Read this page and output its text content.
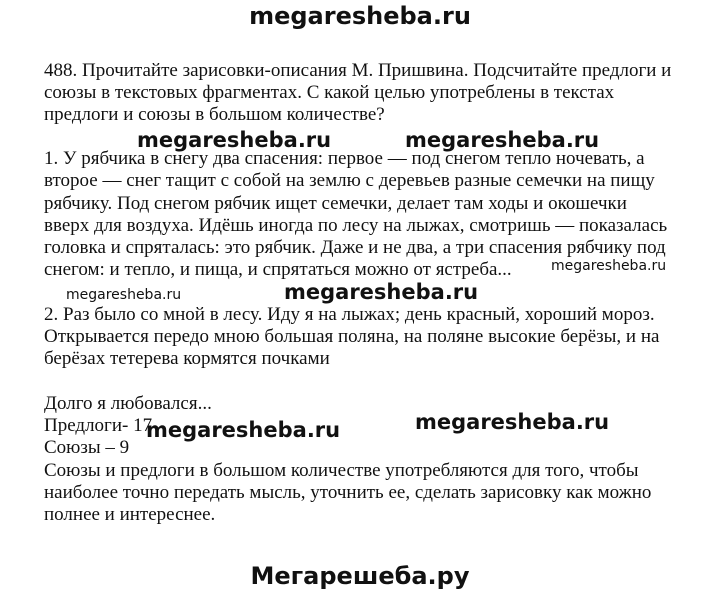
megaresheba.ru
488. Прочитайте зарисовки-описания М. Пришвина. Подсчитайте предлоги и
союзы в текстовых фрагментах. С какой целью употреблены в текстах
предлоги и союзы в большом количестве?
1. У рябчика в снегу два спасения: первое — под снегом тепло ночевать, а
второе — снег тащит с собой на землю с деревьев разные семечки на пищу
рябчику. Под снегом рябчик ищет семечки, делает там ходы и окошечки
вверх для воздуха. Идёшь иногда по лесу на лыжах, смотришь — показалась
головка и спряталась: это рябчик. Даже и не два, а три спасения рябчику под
снегом: и тепло, и пища, и спрятаться можно от ястреба...
2. Раз было со мной в лесу. Иду я на лыжах; день красный, хороший мороз.
Открывается передо мною большая поляна, на поляне высокие берёзы, и на
берёзах тетерева кормятся почками
Долго я любовался...
Предлоги- 17
Союзы – 9
Союзы и предлоги в большом количестве употребляются для того, чтобы
наиболее точно передать мысль, уточнить ее, сделать зарисовку как можно
полнее и интереснее.
megaresheba.ru	megaresheba.ru
megaresheba.ru
megaresheba.ru	megaresheba.ru
megaresheba.ru	megaresheba.ru
Мегарешеба.ру
